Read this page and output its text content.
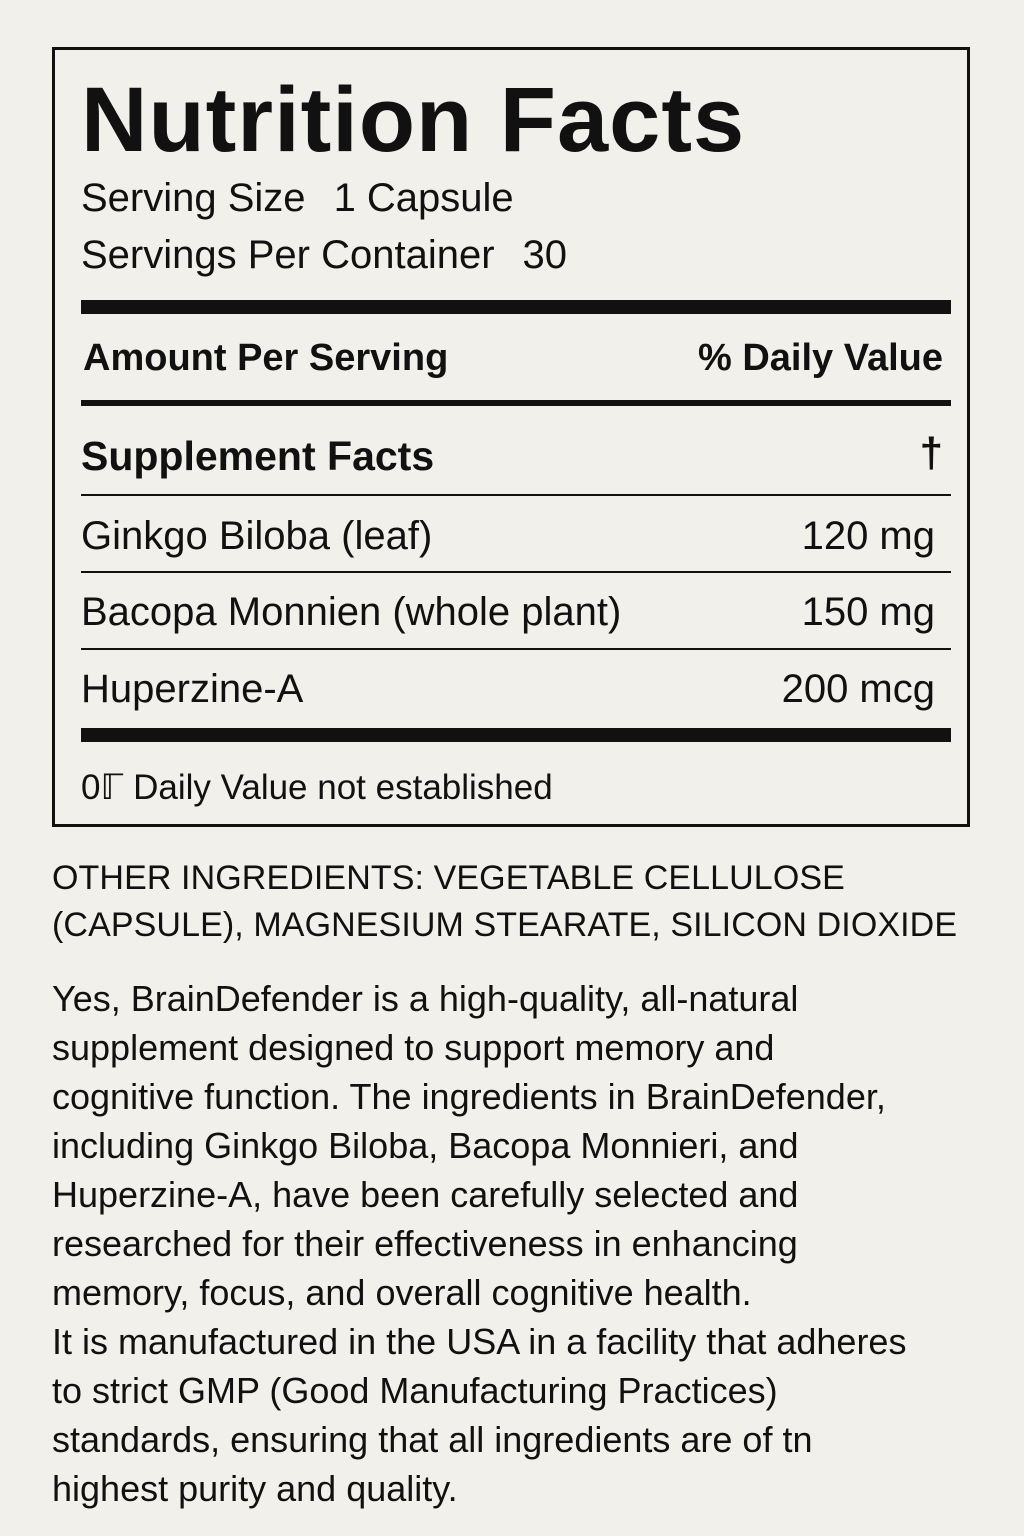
Nutrition Facts

Serving Size 1 Capsule

Servings Per Container 30

Amount Per Serving	% Daily Value

Supplement Facts	†

Ginkgo Biloba (leaf)	120 mg

Bacopa Monnien (whole plant)	150 mg

Huperzine-A	200 mcg

0ℾ Daily Value not established

OTHER INGREDIENTS: VEGETABLE CELLULOSE
(CAPSULE), MAGNESIUM STEARATE, SILICON DIOXIDE

Yes, BrainDefender is a high-quality, all-natural
supplement designed to support memory and
cognitive function. The ingredients in BrainDefender,
including Ginkgo Biloba, Bacopa Monnieri, and
Huperzine-A, have been carefully selected and
researched for their effectiveness in enhancing
memory, focus, and overall cognitive health.
It is manufactured in the USA in a facility that adheres
to strict GMP (Good Manufacturing Practices)
standards, ensuring that all ingredients are of tn
highest purity and quality.
